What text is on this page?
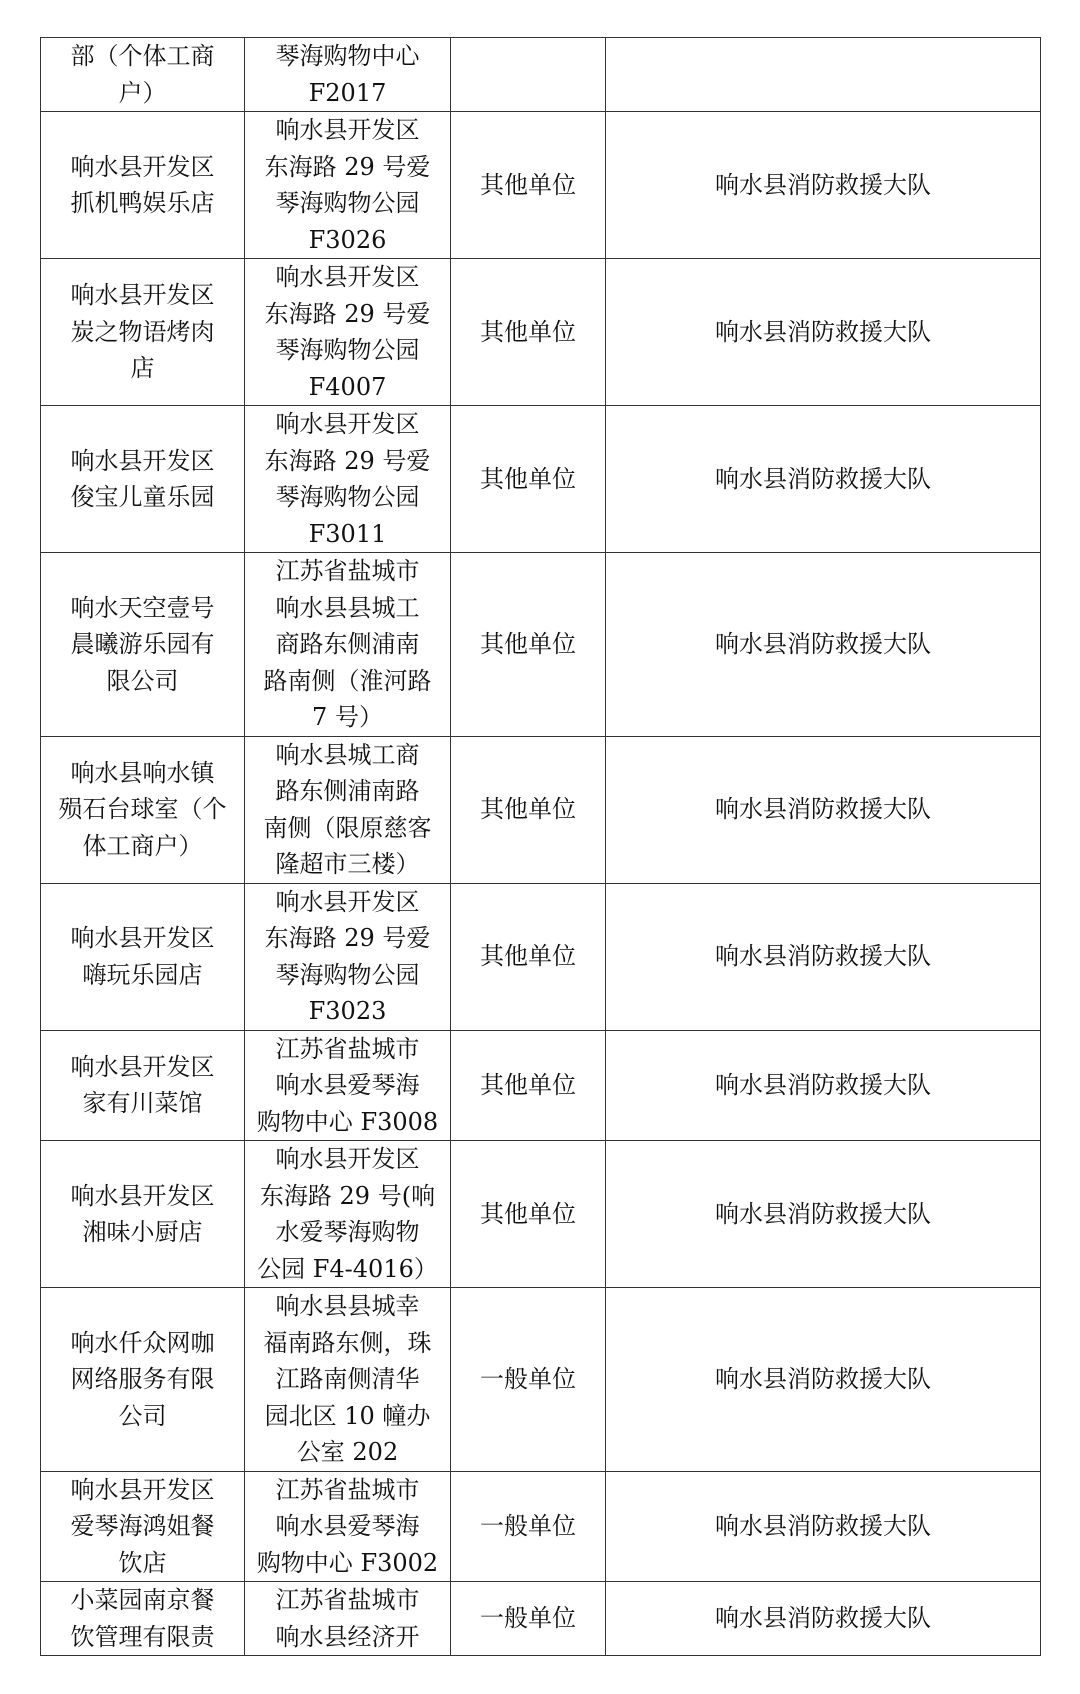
部（个体工商
户）	琴海购物中心
F2017		

响水县开发区
抓机鸭娱乐店	响水县开发区
东海路 29 号爱
琴海购物公园
F3026	其他单位	响水县消防救援大队

响水县开发区
炭之物语烤肉
店	响水县开发区
东海路 29 号爱
琴海购物公园
F4007	其他单位	响水县消防救援大队

响水县开发区
俊宝儿童乐园	响水县开发区
东海路 29 号爱
琴海购物公园
F3011	其他单位	响水县消防救援大队

响水天空壹号
晨曦游乐园有
限公司	江苏省盐城市
响水县县城工
商路东侧浦南
路南侧（淮河路
7 号）	其他单位	响水县消防救援大队

响水县响水镇
殒石台球室（个
体工商户）	响水县城工商
路东侧浦南路
南侧（限原慈客
隆超市三楼）	其他单位	响水县消防救援大队

响水县开发区
嗨玩乐园店	响水县开发区
东海路 29 号爱
琴海购物公园
F3023	其他单位	响水县消防救援大队

响水县开发区
家有川菜馆	江苏省盐城市
响水县爱琴海
购物中心 F3008	其他单位	响水县消防救援大队

响水县开发区
湘味小厨店	响水县开发区
东海路 29 号(响
水爱琴海购物
公园 F4-4016）	其他单位	响水县消防救援大队

响水仟众网咖
网络服务有限
公司	响水县县城幸
福南路东侧，珠
江路南侧清华
园北区 10 幢办
公室 202	一般单位	响水县消防救援大队

响水县开发区
爱琴海鸿姐餐
饮店	江苏省盐城市
响水县爱琴海
购物中心 F3002	一般单位	响水县消防救援大队

小菜园南京餐
饮管理有限责	江苏省盐城市
响水县经济开	一般单位	响水县消防救援大队
